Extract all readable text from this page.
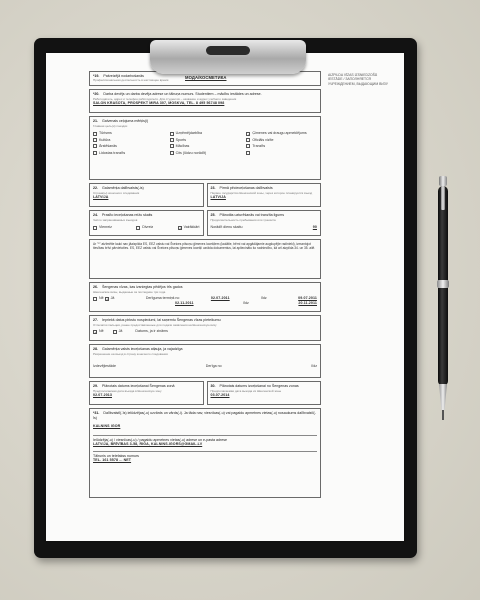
*19. Pašreizējā nodarbošanās
Профессиональная деятельность в настоящее время
МОДА/КОСМЕТИКА
*20. Darba devējs un darba devēja adrese un tālruņa numurs. Studentiem – mācību iestādes un adrese.
Работодатель, адрес и телефон работодателя. Для студентов – название и адрес учебного заведения
SALON KRASOTA, PROSPEKT MIRA 307, MOSKVA, TEL. 8 495 56748 098
21. Galvenais ceļojuma mērķis(i)
Главная цель(и) поездки
Tūrisms	Uzņēmējdarbība	✓ Ģimenes vai draugu apmeklējums
Kultūra	Sports	Oficiāls vizīte
Ārstēšanās	Mācības	Tranzīts
Lidostas tranzīts	Cits (lūdzu norādīt)
22. Galamērķa dalībvalsts(-is)
Страна(ы) конечного следования
LATVIJA
23. Pirmā pēcieceļošanas dalībvalsts
Первое государство Шенгенской зоны, через которое планируется въезд
LATVIJA
24. Prasīto ieceļošanas reižu skaits
Число запрашиваемых въездов
Vienreiz	Divreiz	✓ Vairākkārt
25. Plānotās uzturēšanās vai tranzīta ilgums
Продолжительность пребывания или транзита
Norādīt dienu skaitu	90
Ar "*" atzīmētie lauki nav jāaizpilda ES, EEZ valstu vai Šveices pilsoņu ģimenes locekļiem (laulātie, bērni vai apgādājamie augšupējie radinieki), izmantojot tiesības brīvi pārvietoties. ES, EEZ valstu vai Šveices pilsoņu ģimenes locekļi uzrāda dokumentus, lai apliecinātu šo radniecību, kā arī aizpilda 34. un 35. ailē.
26. Šengenas vīzas, kas izsniegtas pēdējos trīs gados
Шенгенские визы, выданные за последние три года
Nē ✓ Jā	Derīguma termiņš no	02.07.2011	līdz	09.07.2011
02.11.2011	līdz	20.11.2011
27. Iepriekš datus pirkstu nospiedumi, lai saņemtu Šengenas vīzas pieteikumu
Отпечатки пальцев, ранее предоставленные для подачи заявления на Шенгенскую визу
✓ Nē	Jā	Datums, ja ir zināms
28. Galamērķa valsts ieceļošanas atļauja, ja vajadzīga
Разрешение на въезд в страну конечного следования
Izdevējiestāde	Derīga no	līdz
29. Plānotais datums ieceļošanai Šengenas zonā
Предполагаемая дата въезда в Шенгенскую зону
02.07.2013
30. Plānotais datums izceļošanai no Šengenas zonas
Предполагаемая дата выезда из Шенгенской зоны
03.07.2014
*31. Dalībvalstī(-īs) ielūdzējas(-u) uzvārds un vārds(-i). Ja tāda nav, viesnīcas(-u) vai pagaidu apmetnes vietas(-u) nosaukums dalībvalstī(-īs)
KALNINS IGOR
Ielūdzēja(-u) / viesnīcas(-u) / pagaidu apmetnes vietas(-u) adrese un e-pasta adrese
LATVIJA, BRĪVĪBAS 3-58, RIGA, KALNINS.IGORS@GMAIL.LV
Tālrunis un telefakss numurs
TEL. 161 5578 ... NET
AIZPILDA VĪZAS IZSNIEDZOŠĀ IESTĀDE / ЗАПОЛНЯЕТСЯ УЧРЕЖДЕНИЕМ, ВЫДАЮЩИМ ВИЗУ
